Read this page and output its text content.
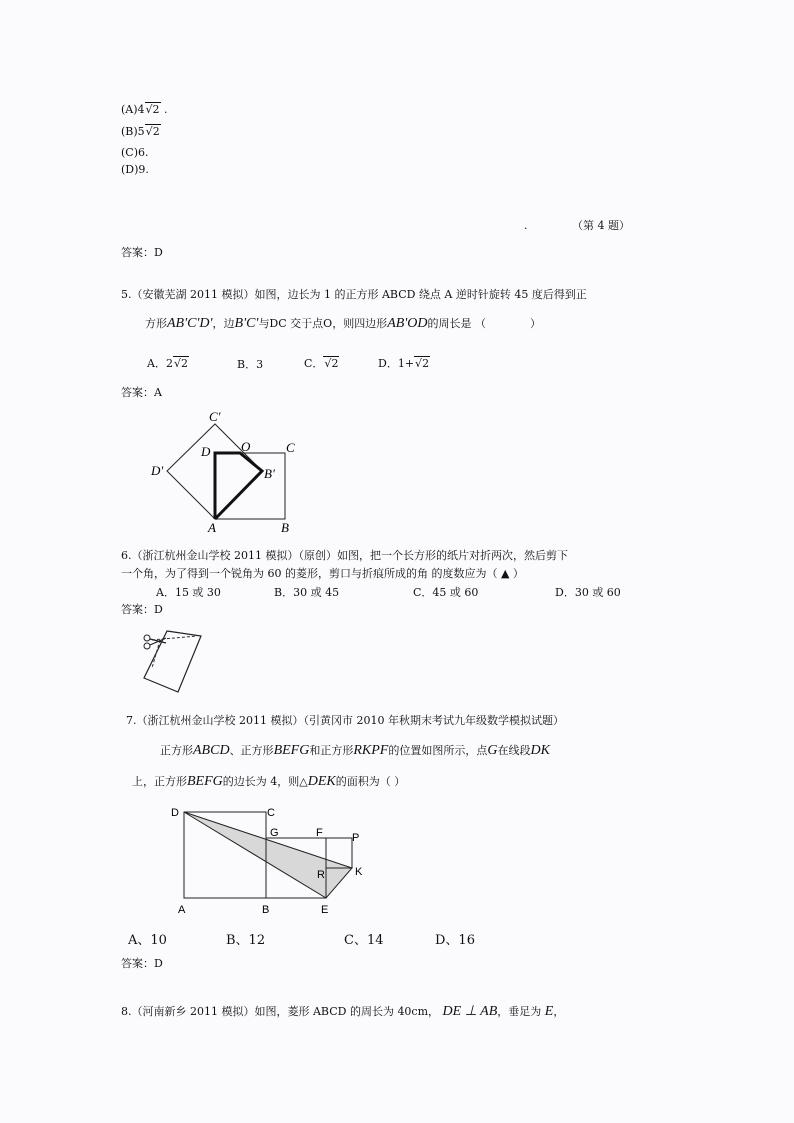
(A)4√2 .
(B)5√2
(C)6.
(D)9.
.	（第 4 题）
答案：D
5.（安徽芜湖 2011 模拟）如图，边长为 1 的正方形 ABCD 绕点 A 逆时针旋转 45 度后得到正
方形AB'C'D'，边B'C'与DC 交于点O，则四边形AB'OD的周长是 （	）
A．2√2	B．3	C．√2	D．1+√2
答案：A
C'
D O	C
D'	B'
A	B
6.（浙江杭州金山学校 2011 模拟）（原创）如图，把一个长方形的纸片对折两次，然后剪下
一个角，为了得到一个锐角为 60 的菱形，剪口与折痕所成的角 的度数应为（ ▲ ）
A．15 或 30	B．30 或 45	C．45 或 60	D．30 或 60
答案：D
7.（浙江杭州金山学校 2011 模拟）（引黄冈市 2010 年秋期末考试九年级数学模拟试题）
正方形ABCD、正方形BEFG和正方形RKPF的位置如图所示，点G在线段DK
上，正方形BEFG的边长为 4，则△DEK的面积为（ ）
D	C
G	F	P
K
R
A	B	E
A、10	B、12	C、14	D、16
答案：D
8.（河南新乡 2011 模拟）如图，菱形 ABCD 的周长为 40cm， DE ⊥ AB，垂足为 E，
